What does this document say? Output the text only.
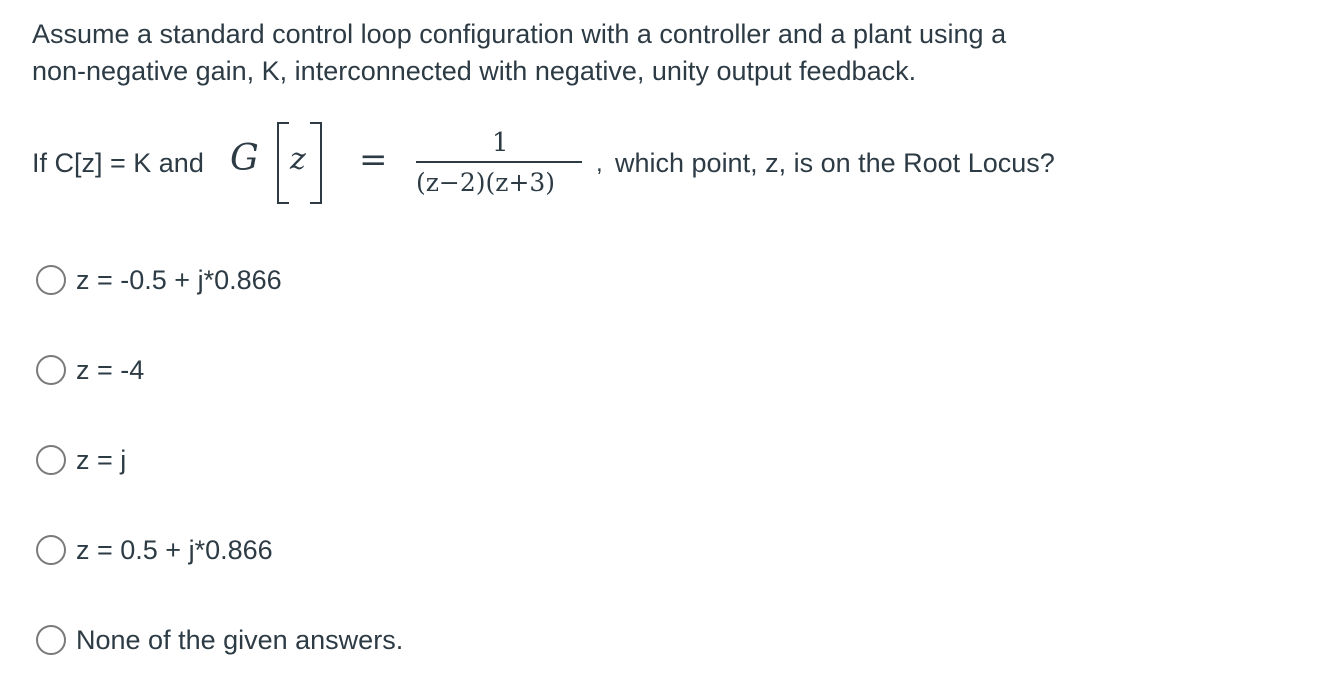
Assume a standard control loop configuration with a controller and a plant using a

non-negative gain, K, interconnected with negative, unity output feedback.

If C[z] = K and G z =	1
(z−2)(z+3)
, which point, z, is on the Root Locus?
z = -0.5 + j*0.866
z = -4
z = j
z = 0.5 + j*0.866
None of the given answers.
